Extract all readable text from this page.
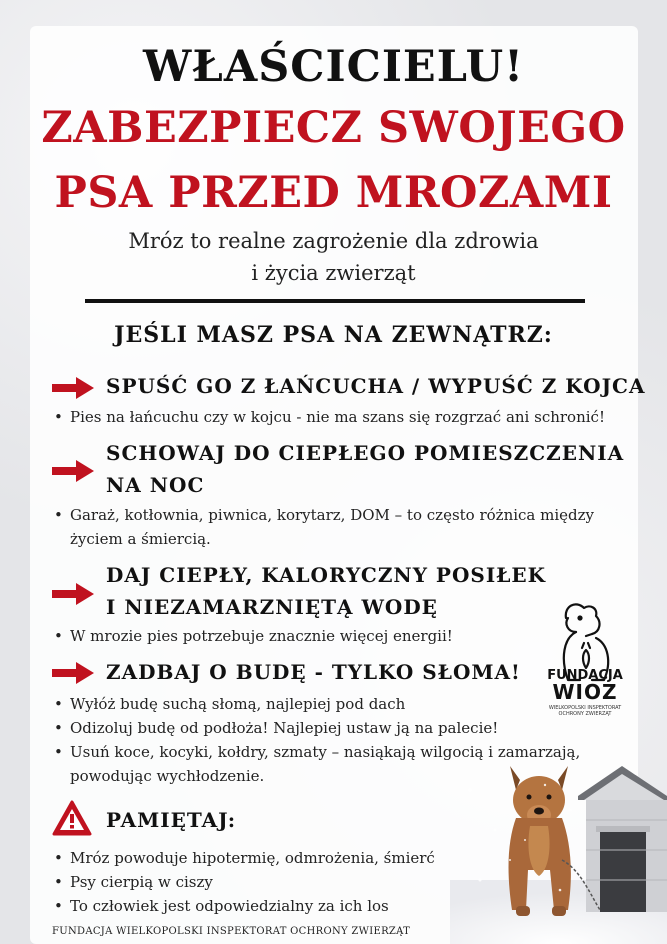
WŁAŚCICIELU!
ZABEZPIECZ SWOJEGO
PSA PRZED MROZAMI
Mróz to realne zagrożenie dla zdrowia
i życia zwierząt
JEŚLI MASZ PSA NA ZEWNĄTRZ:
SPUŚĆ GO Z ŁAŃCUCHA / WYPUŚĆ Z KOJCA
• Pies na łańcuchu czy w kojcu - nie ma szans się rozgrzać ani schronić!
SCHOWAJ DO CIEPŁEGO POMIESZCZENIA
NA NOC
• Garaż, kotłownia, piwnica, korytarz, DOM – to często różnica między życiem a śmiercią.
DAJ CIEPŁY, KALORYCZNY POSIŁEK
I NIEZAMARZNIĘTĄ WODĘ
• W mrozie pies potrzebuje znacznie więcej energii!
ZADBAJ O BUDĘ - TYLKO SŁOMA!
• Wyłóż budę suchą słomą, najlepiej pod dach
• Odizoluj budę od podłoża! Najlepiej ustaw ją na palecie!
• Usuń koce, kocyki, kołdry, szmaty – nasiąkają wilgocią i zamarzają, powodując wychłodzenie.
PAMIĘTAJ:
• Mróz powoduje hipotermię, odmrożenia, śmierć
• Psy cierpią w ciszy
• To człowiek jest odpowiedzialny za ich los
FUNDACJA
WIOZ
WIELKOPOLSKI INSPEKTORAT
OCHRONY ZWIERZĄT
FUNDACJA WIELKOPOLSKI INSPEKTORAT OCHRONY ZWIERZĄT
